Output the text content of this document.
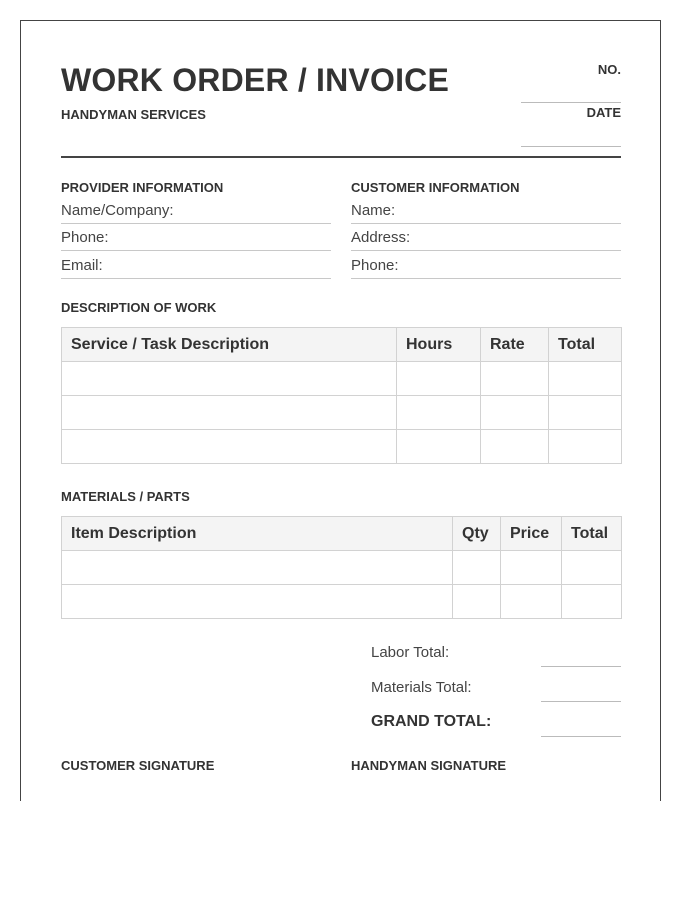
WORK ORDER / INVOICE
HANDYMAN SERVICES
NO.
DATE
PROVIDER INFORMATION
Name/Company:
Phone:
Email:
CUSTOMER INFORMATION
Name:
Address:
Phone:
DESCRIPTION OF WORK
Service / Task Description	Hours	Rate	Total

MATERIALS / PARTS
Item Description	Qty	Price	Total

Labor Total:
Materials Total:
GRAND TOTAL:
CUSTOMER SIGNATURE	HANDYMAN SIGNATURE
